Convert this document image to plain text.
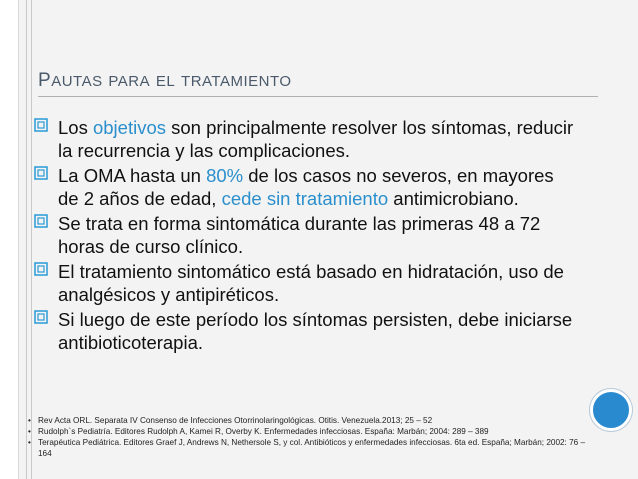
PAUTAS PARA EL TRATAMIENTO
Los objetivos son principalmente resolver los síntomas, reducir la recurrencia y las complicaciones.
La OMA hasta un 80% de los casos no severos, en mayores de 2 años de edad, cede sin tratamiento antimicrobiano.
Se trata en forma sintomática durante las primeras 48 a 72 horas de curso clínico.
El tratamiento sintomático está basado en hidratación, uso de analgésicos y antipiréticos.
Si luego de este período los síntomas persisten, debe iniciarse antibioticoterapia.
• Rev Acta ORL. Separata IV Consenso de Infecciones Otorrinolaringológicas. Otitis. Venezuela.2013; 25 – 52
• Rudolph`s Pediatría. Editores Rudolph A, Kamei R, Overby K. Enfermedades infecciosas. España: Marbán; 2004: 289 – 389
• Terapéutica Pediátrica. Editores Graef J, Andrews N, Nethersole S, y col. Antibióticos y enfermedades infecciosas. 6ta ed. España; Marbán; 2002: 76 – 164
